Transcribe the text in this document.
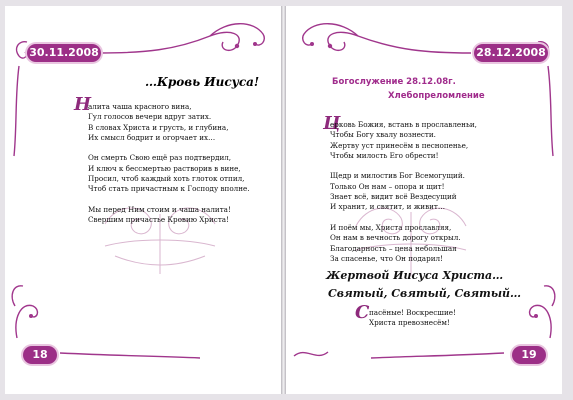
30.11.2008
…Кровь Иисуса!
Н
алита чаша красного вина,
Гул голосов вечери вдруг затих.
В словах Христа и грусть, и глубина,
Их смысл бодрит и огорчает их…
Он смерть Свою ещё раз подтвердил,
И ключ к бессмертью растворив в вине,
Просил, чтоб каждый хоть глоток отпил,
Чтоб стать причастным к Господу вполне.
Мы перед Ним стоим и чаша налита!
Свершим причастье Кровию Христа!
18
28.12.2008
Богослужение 28.12.08г.
Хлебопреломление
Ц
ерковь Божия, встань в прославленьи,
Чтобы Богу хвалу вознести.
Жертву уст принесём в песнопенье,
Чтобы милость Его обрести!
Щедр и милостив Бог Всемогущий.
Только Он нам – опора и щит!
Знает всё, видит всё Вездесущий
И хранит, и святит, и живит…
И поём мы, Христа прославляя,
Он нам в вечность дорогу открыл.
Благодарность – цена небольшая
За спасенье, что Он подарил!
Жертвой Иисуса Христа…
Святый, Святый, Святый…
С пасёные! Воскресшие!
Христа превознесём!
19
